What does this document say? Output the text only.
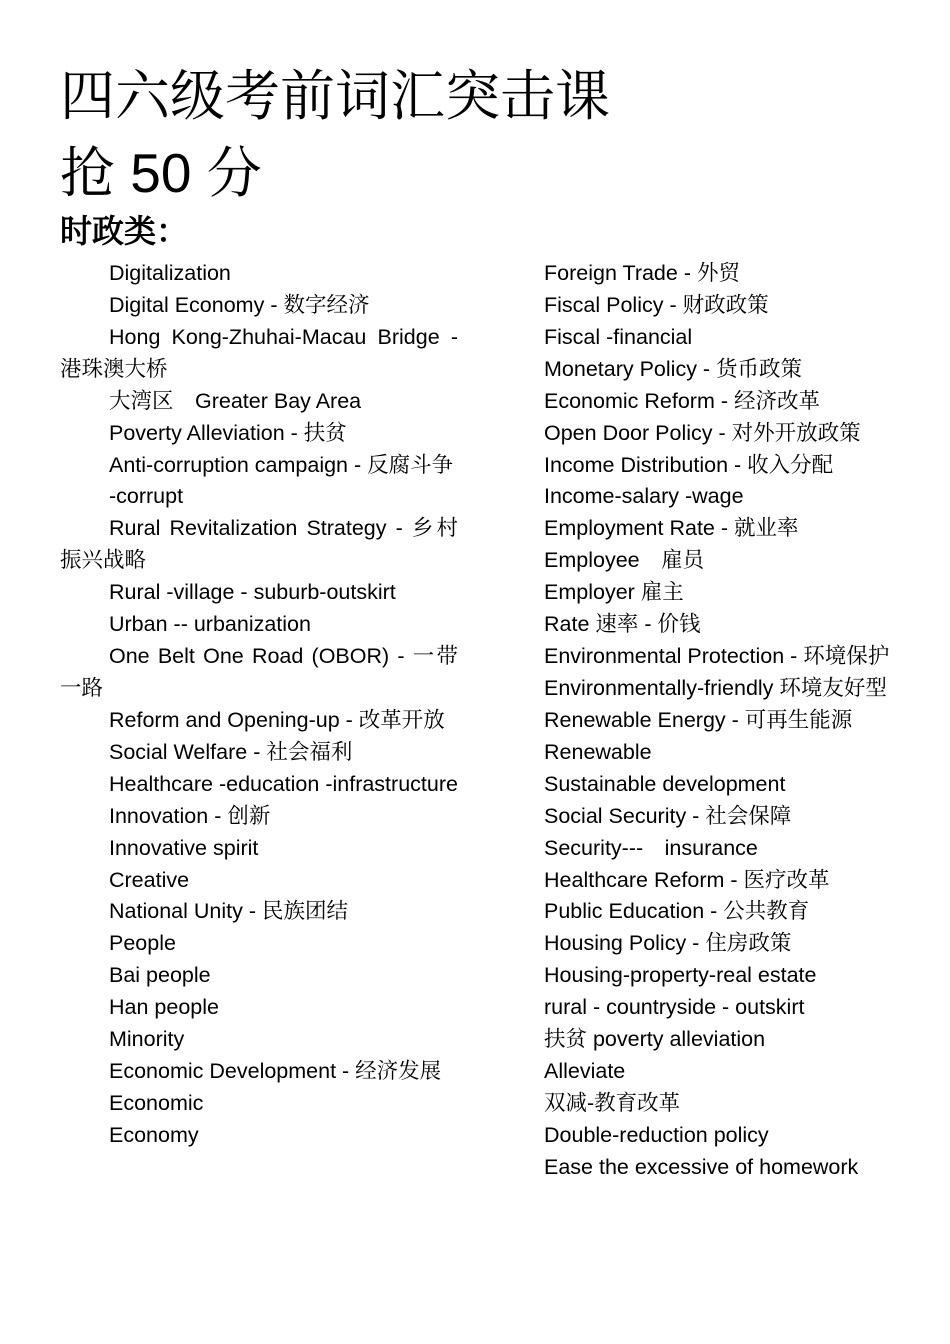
四六级考前词汇突击课
抢 50 分
时政类：

Digitalization

Digital Economy - 数字经济

Hong Kong-Zhuhai-Macau Bridge - 港珠澳大桥

大湾区　Greater Bay Area

Poverty Alleviation - 扶贫

Anti-corruption campaign - 反腐斗争

-corrupt

Rural Revitalization Strategy - 乡村振兴战略

Rural -village - suburb-outskirt

Urban -- urbanization

One Belt One Road (OBOR) - 一带一路

Reform and Opening-up - 改革开放

Social Welfare - 社会福利

Healthcare -education -infrastructure

Innovation - 创新

Innovative spirit

Creative

National Unity - 民族团结

People

Bai people

Han people

Minority

Economic Development - 经济发展

Economic

Economy

Foreign Trade - 外贸

Fiscal Policy - 财政政策

Fiscal -financial

Monetary Policy - 货币政策

Economic Reform - 经济改革

Open Door Policy - 对外开放政策

Income Distribution - 收入分配

Income-salary -wage

Employment Rate - 就业率

Employee　雇员

Employer 雇主

Rate 速率 - 价钱

Environmental Protection - 环境保护

Environmentally-friendly 环境友好型

Renewable Energy - 可再生能源

Renewable

Sustainable development

Social Security - 社会保障

Security---　insurance

Healthcare Reform - 医疗改革

Public Education - 公共教育

Housing Policy - 住房政策

Housing-property-real estate

rural - countryside - outskirt

扶贫 poverty alleviation

Alleviate

双减-教育改革

Double-reduction policy

Ease the excessive of homework
